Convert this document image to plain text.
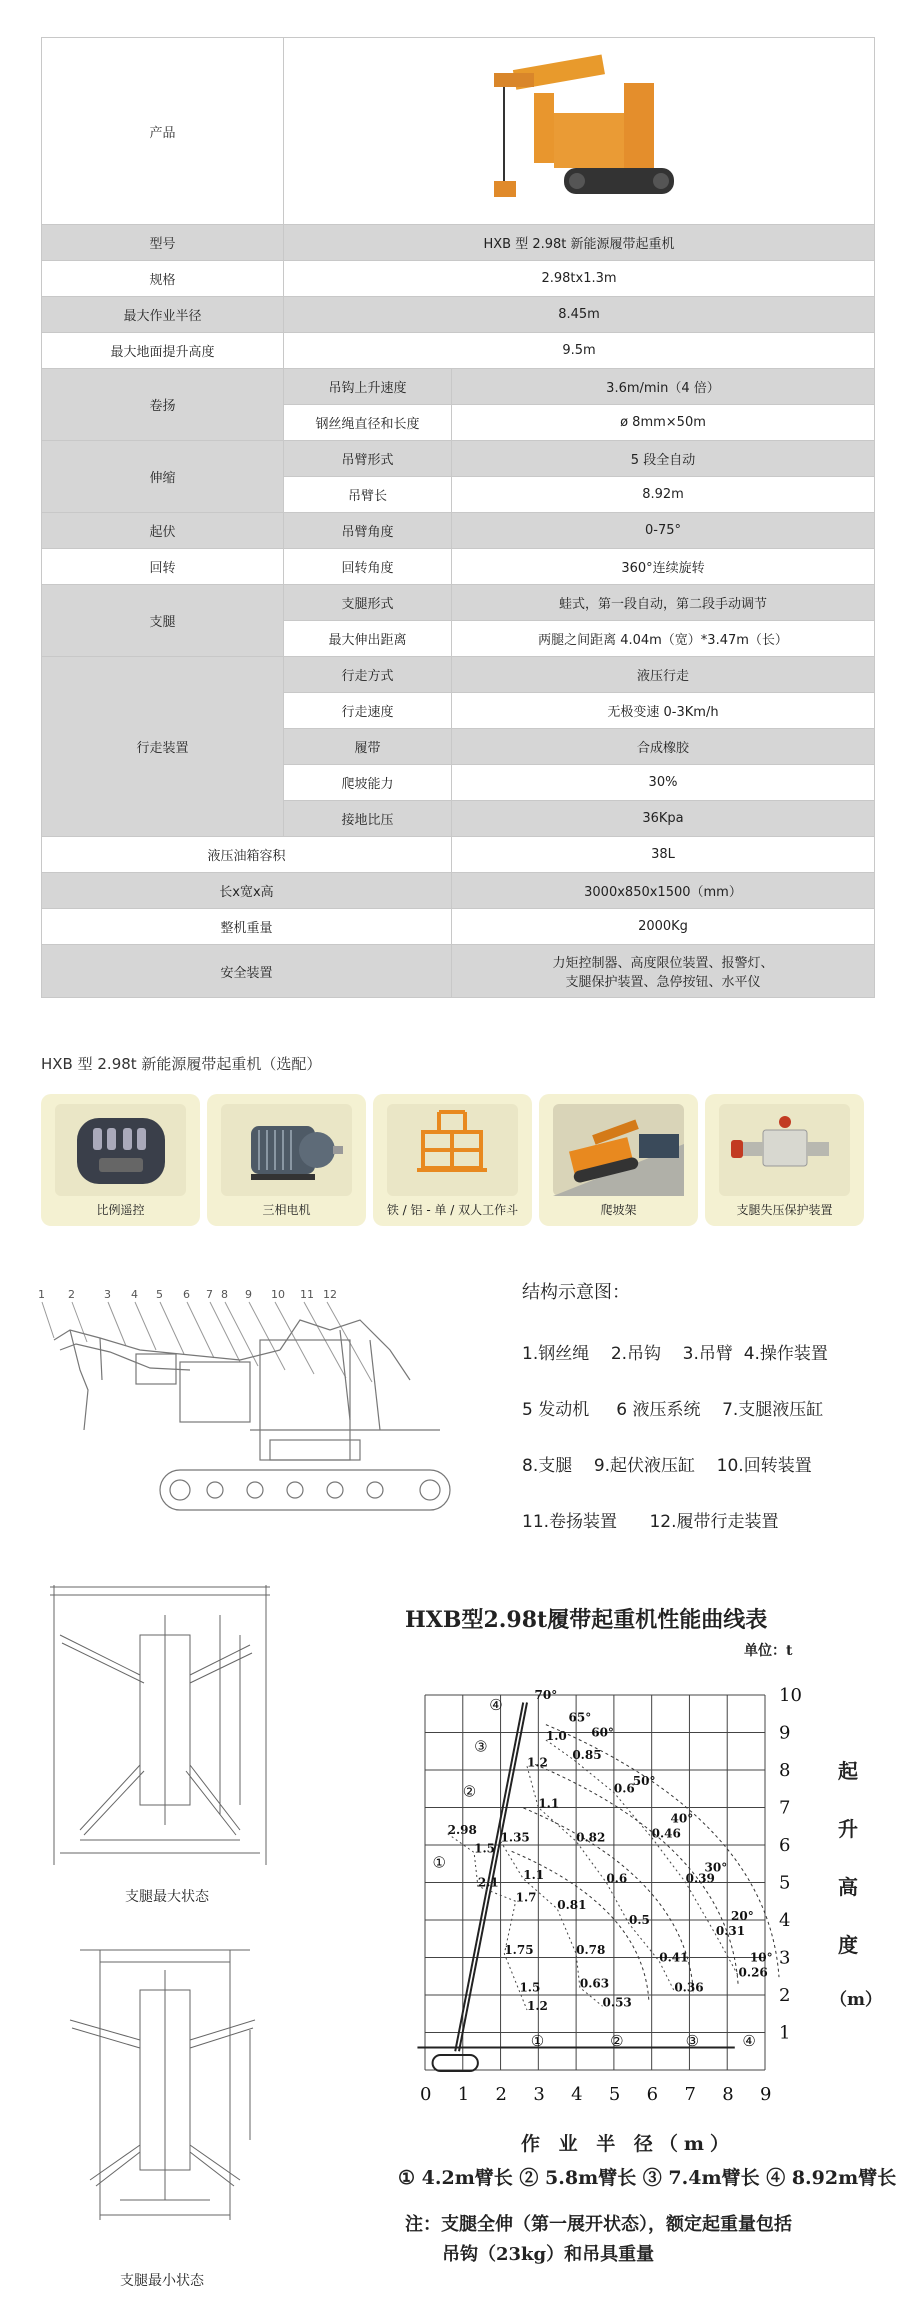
产品	

型号	HXB 型 2.98t 新能源履带起重机	
规格	2.98tx1.3m	
最大作业半径	8.45m	
最大地面提升高度	9.5m	
卷扬	吊钩上升速度	3.6m/min（4 倍）
	钢丝绳直径和长度	ø 8mm×50m
伸缩	吊臂形式	5 段全自动
	吊臂长	8.92m
起伏	吊臂角度	0-75°
回转	回转角度	360°连续旋转
支腿	支腿形式	蛙式，第一段自动，第二段手动调节
	最大伸出距离	两腿之间距离 4.04m（宽）*3.47m（长）
行走装置	行走方式	液压行走
	行走速度	无极变速 0-3Km/h
	履带	合成橡胶
	爬坡能力	30%
	接地比压	36Kpa
液压油箱容积		38L
长x宽x高		3000x850x1500（mm）
整机重量		2000Kg
安全装置		力矩控制器、高度限位装置、报警灯、
支腿保护装置、急停按钮、水平仪
HXB 型 2.98t 新能源履带起重机（选配）
比例遥控	三相电机	铁 / 铝 - 单 / 双人工作斗	爬坡架	支腿失压保护装置
1 2	3 4 5 6 7 8 9 10 11 12	结构示意图：
1.钢丝绳    2.吊钩    3.吊臂  4.操作装置
5 发动机     6 液压系统    7.支腿液压缸
8.支腿    9.起伏液压缸    10.回转装置
11.卷扬装置      12.履带行走装置
支腿最大状态
支腿最小状态
HXB型2.98t履带起重机性能曲线表
单位：t
2.98
1.5
2.1
1.7
1.75
1.5
1.2
1.35
1.1
0.81
0.78
0.63
0.53
1.2
1.1
0.82
0.6
0.5
0.41
0.36
1.0
0.85
0.6
0.46
0.39
0.31
0.26
0 1 2 3 4 5 6 7 8 9
1
2
3
4
5
6
7
8
9
10
70°
65°
60°
50°
40°
30°
20°
10°
④
③
②
①
④
③
②
①
起
升
高
度
（m）
作 业 半 径（m）
① 4.2m臂长 ② 5.8m臂长 ③ 7.4m臂长 ④ 8.92m臂长
注：支腿全伸（第一展开状态），额定起重量包括
吊钩（23kg）和吊具重量
